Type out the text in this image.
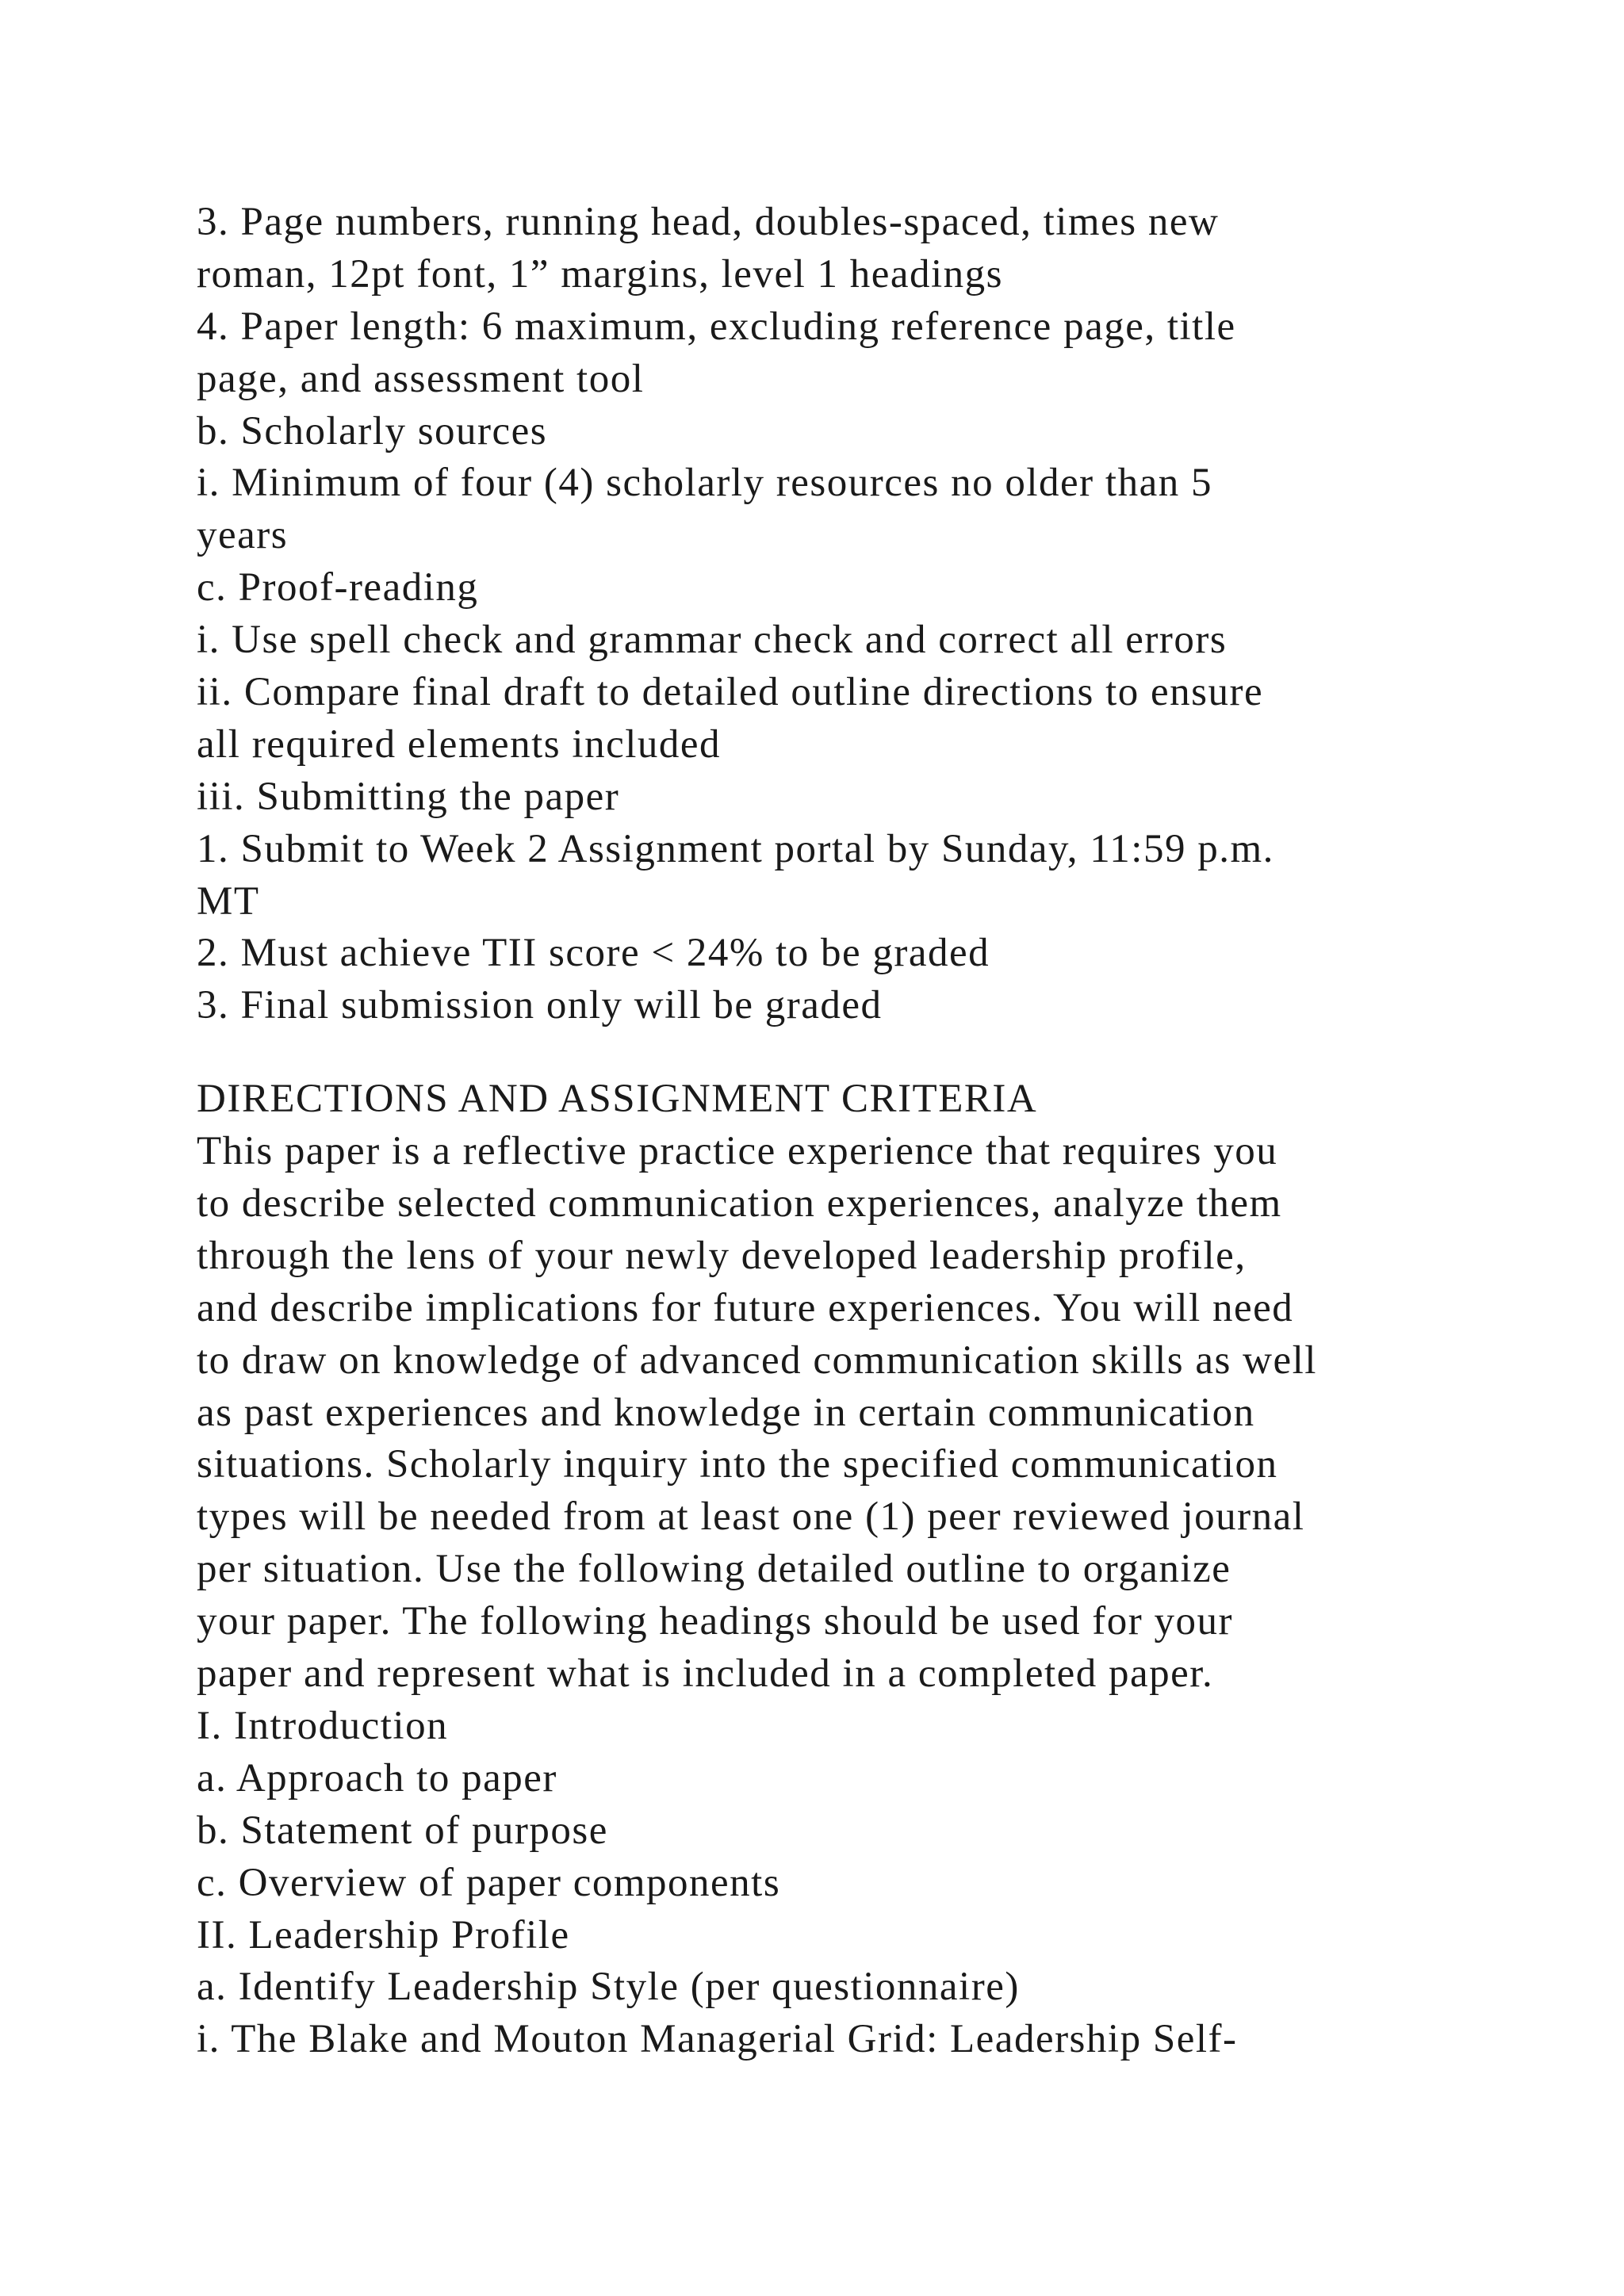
3. Page numbers, running head, doubles-spaced, times new
roman, 12pt font, 1” margins, level 1 headings
4. Paper length: 6 maximum, excluding reference page, title
page, and assessment tool
b. Scholarly sources
i. Minimum of four (4) scholarly resources no older than 5
years
c. Proof-reading
i. Use spell check and grammar check and correct all errors
ii. Compare final draft to detailed outline directions to ensure
all required elements included
iii. Submitting the paper
1. Submit to Week 2 Assignment portal by Sunday, 11:59 p.m.
MT
2. Must achieve TII score < 24% to be graded
3. Final submission only will be graded
DIRECTIONS AND ASSIGNMENT CRITERIA
This paper is a reflective practice experience that requires you
to describe selected communication experiences, analyze them
through the lens of your newly developed leadership profile,
and describe implications for future experiences. You will need
to draw on knowledge of advanced communication skills as well
as past experiences and knowledge in certain communication
situations. Scholarly inquiry into the specified communication
types will be needed from at least one (1) peer reviewed journal
per situation. Use the following detailed outline to organize
your paper. The following headings should be used for your
paper and represent what is included in a completed paper.
I. Introduction
a. Approach to paper
b. Statement of purpose
c. Overview of paper components
II. Leadership Profile
a. Identify Leadership Style (per questionnaire)
i. The Blake and Mouton Managerial Grid: Leadership Self-
